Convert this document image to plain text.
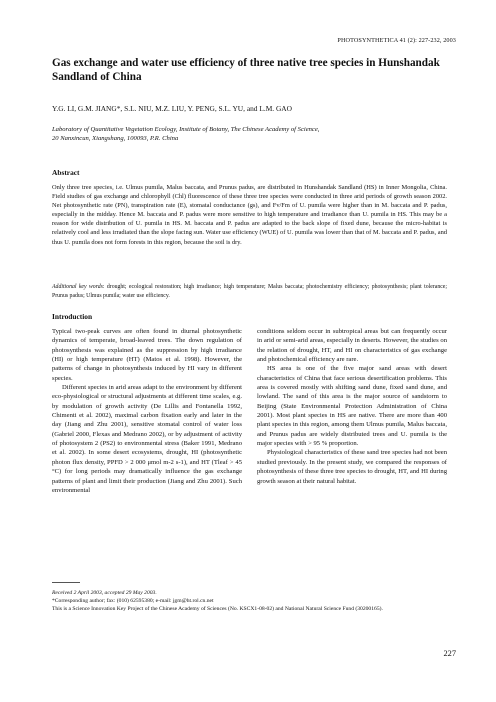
PHOTOSYNTHETICA 41 (2): 227-232, 2003
Gas exchange and water use efficiency of three native tree species in Hunshandak Sandland of China
Y.G. LI, G.M. JIANG*, S.L. NIU, M.Z. LIU, Y. PENG, S.L. YU, and L.M. GAO
Laboratory of Quantitative Vegetation Ecology, Institute of Botany, The Chinese Academy of Science,
20 Nanxincun, Xiangshang, 100093, P.R. China
Abstract

Only three tree species, i.e. Ulmus pumila, Malus baccata, and Prunus padus, are distributed in Hunshandak Sandland (HS) in Inner Mongolia, China. Field studies of gas exchange and chlorophyll (Chl) fluorescence of these three tree species were conducted in three arid periods of growth season 2002. Net photosynthetic rate (PN), transpiration rate (E), stomatal conductance (gs), and Fv/Fm of U. pumila were higher than in M. baccata and P. padus, especially in the midday. Hence M. baccata and P. padus were more sensitive to high temperature and irradiance than U. pumila in HS. This may be a reason for wide distribution of U. pumila in HS. M. baccata and P. padus are adapted to the back slope of fixed dune, because the micro-habitat is relatively cool and less irradiated than the slope facing sun. Water use efficiency (WUE) of U. pumila was lower than that of M. baccata and P. padus, and thus U. pumila does not form forests in this region, because the soil is dry.

Additional key words: drought; ecological restoration; high irradiance; high temperature; Malus baccata; photochemistry efficiency; photosynthesis; plant tolerance; Prunus padus; Ulmus pumila; water use efficiency.

Introduction

Typical two-peak curves are often found in diurnal photosynthetic dynamics of temperate, broad-leaved trees. The down regulation of photosynthesis was explained as the suppression by high irradiance (HI) or high temperature (HT) (Matos et al. 1998). However, the patterns of change in photosynthesis induced by HI vary in different species.

Different species in arid areas adapt to the environment by different eco-physiological or structural adjustments at different time scales, e.g. by modulation of growth activity (De Lillis and Fontanella 1992, Chimenti et al. 2002), maximal carbon fixation early and later in the day (Jiang and Zhu 2001), sensitive stomatal control of water loss (Gabriel 2000, Flexas and Medrano 2002), or by adjustment of activity of photosystem 2 (PS2) to environmental stress (Baker 1991, Medrano et al. 2002). In some desert ecosystems, drought, HI (photosynthetic photon flux density, PPFD > 2 000 μmol m-2 s-1), and HT (Tleaf > 45 °C) for long periods may dramatically influence the gas exchange patterns of plant and limit their production (Jiang and Zhu 2001). Such environmental

conditions seldom occur in subtropical areas but can frequently occur in arid or semi-arid areas, especially in deserts. However, the studies on the relation of drought, HT, and HI on characteristics of gas exchange and photochemical efficiency are rare.

HS area is one of the five major sand areas with desert characteristics of China that face serious desertification problems. This area is covered mostly with shifting sand dune, fixed sand dune, and lowland. The sand of this area is the major source of sandstorm to Beijing (State Environmental Protection Administration of China 2001). Most plant species in HS are native. There are more than 400 plant species in this region, among them Ulmus pumila, Malus baccata, and Prunus padus are widely distributed trees and U. pumila is the major species with > 95 % proportion.

Physiological characteristics of these sand tree species had not been studied previously. In the present study, we compared the responses of photosynthesis of these three tree species to drought, HT, and HI during growth season at their natural habitat.

Received 2 April 2003, accepted 29 May 2003.
*Corresponding author; fax: (010) 62595380; e-mail: jgm@ht.rol.cn.net
This is a Science Innovation Key Project of the Chinese Academy of Sciences (No. KSCX1-08-02) and National Natural Science Fund (30200165).
227
